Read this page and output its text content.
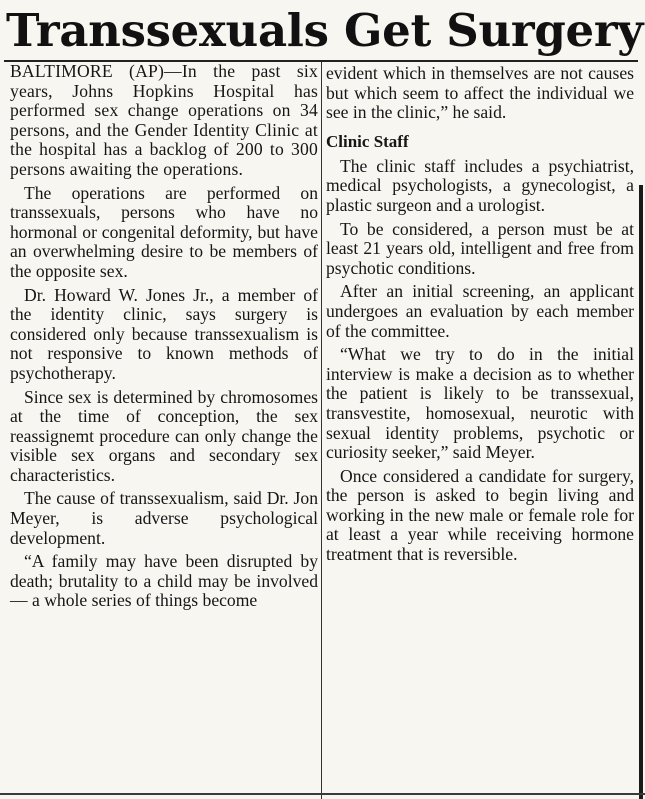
Transsexuals Get Surgery

BALTIMORE (AP)—In the past six years, Johns Hopkins Hospital has performed sex change operations on 34 persons, and the Gender Identity Clinic at the hospital has a backlog of 200 to 300 persons awaiting the operations.

The operations are performed on transsexuals, persons who have no hormonal or congenital deformity, but have an overwhelming desire to be members of the opposite sex.

Dr. Howard W. Jones Jr., a member of the identity clinic, says surgery is considered only because transsexualism is not responsive to known methods of psychotherapy.

Since sex is determined by chromosomes at the time of conception, the sex reassignemt procedure can only change the visible sex organs and secondary sex characteristics.

The cause of transsexualism, said Dr. Jon Meyer, is adverse psychological development.

“A family may have been disrupted by death; brutality to a child may be involved — a whole series of things become

evident which in themselves are not causes but which seem to affect the individual we see in the clinic,” he said.

Clinic Staff

The clinic staff includes a psychiatrist, medical psychologists, a gynecologist, a plastic surgeon and a urologist.

To be considered, a person must be at least 21 years old, intelligent and free from psychotic conditions.

After an initial screening, an applicant undergoes an evaluation by each member of the committee.

“What we try to do in the initial interview is make a decision as to whether the patient is likely to be transsexual, transvestite, homosexual, neurotic with sexual identity problems, psychotic or curiosity seeker,” said Meyer.

Once considered a candidate for surgery, the person is asked to begin living and working in the new male or female role for at least a year while receiving hormone treatment that is reversible.
